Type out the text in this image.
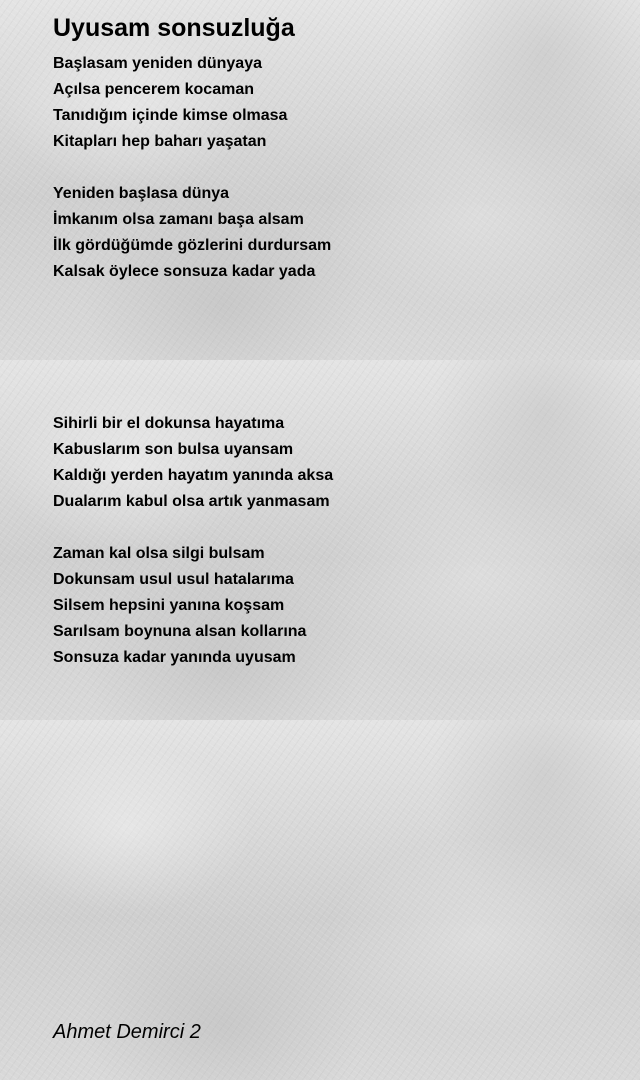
Uyusam sonsuzluğa
Başlasam yeniden dünyaya
Açılsa pencerem kocaman
Tanıdığım içinde kimse olmasa
Kitapları hep baharı yaşatan
Yeniden başlasa dünya
İmkanım olsa zamanı başa alsam
İlk gördüğümde gözlerini durdursam
Kalsak öylece sonsuza kadar yada
Sihirli bir el dokunsa hayatıma
Kabuslarım son bulsa uyansam
Kaldığı yerden hayatım yanında aksa
Dualarım kabul olsa artık yanmasam
Zaman kal olsa silgi bulsam
Dokunsam usul usul hatalarıma
Silsem hepsini yanına koşsam
Sarılsam boynuna alsan kollarına
Sonsuza kadar yanında uyusam
Ahmet Demirci 2
